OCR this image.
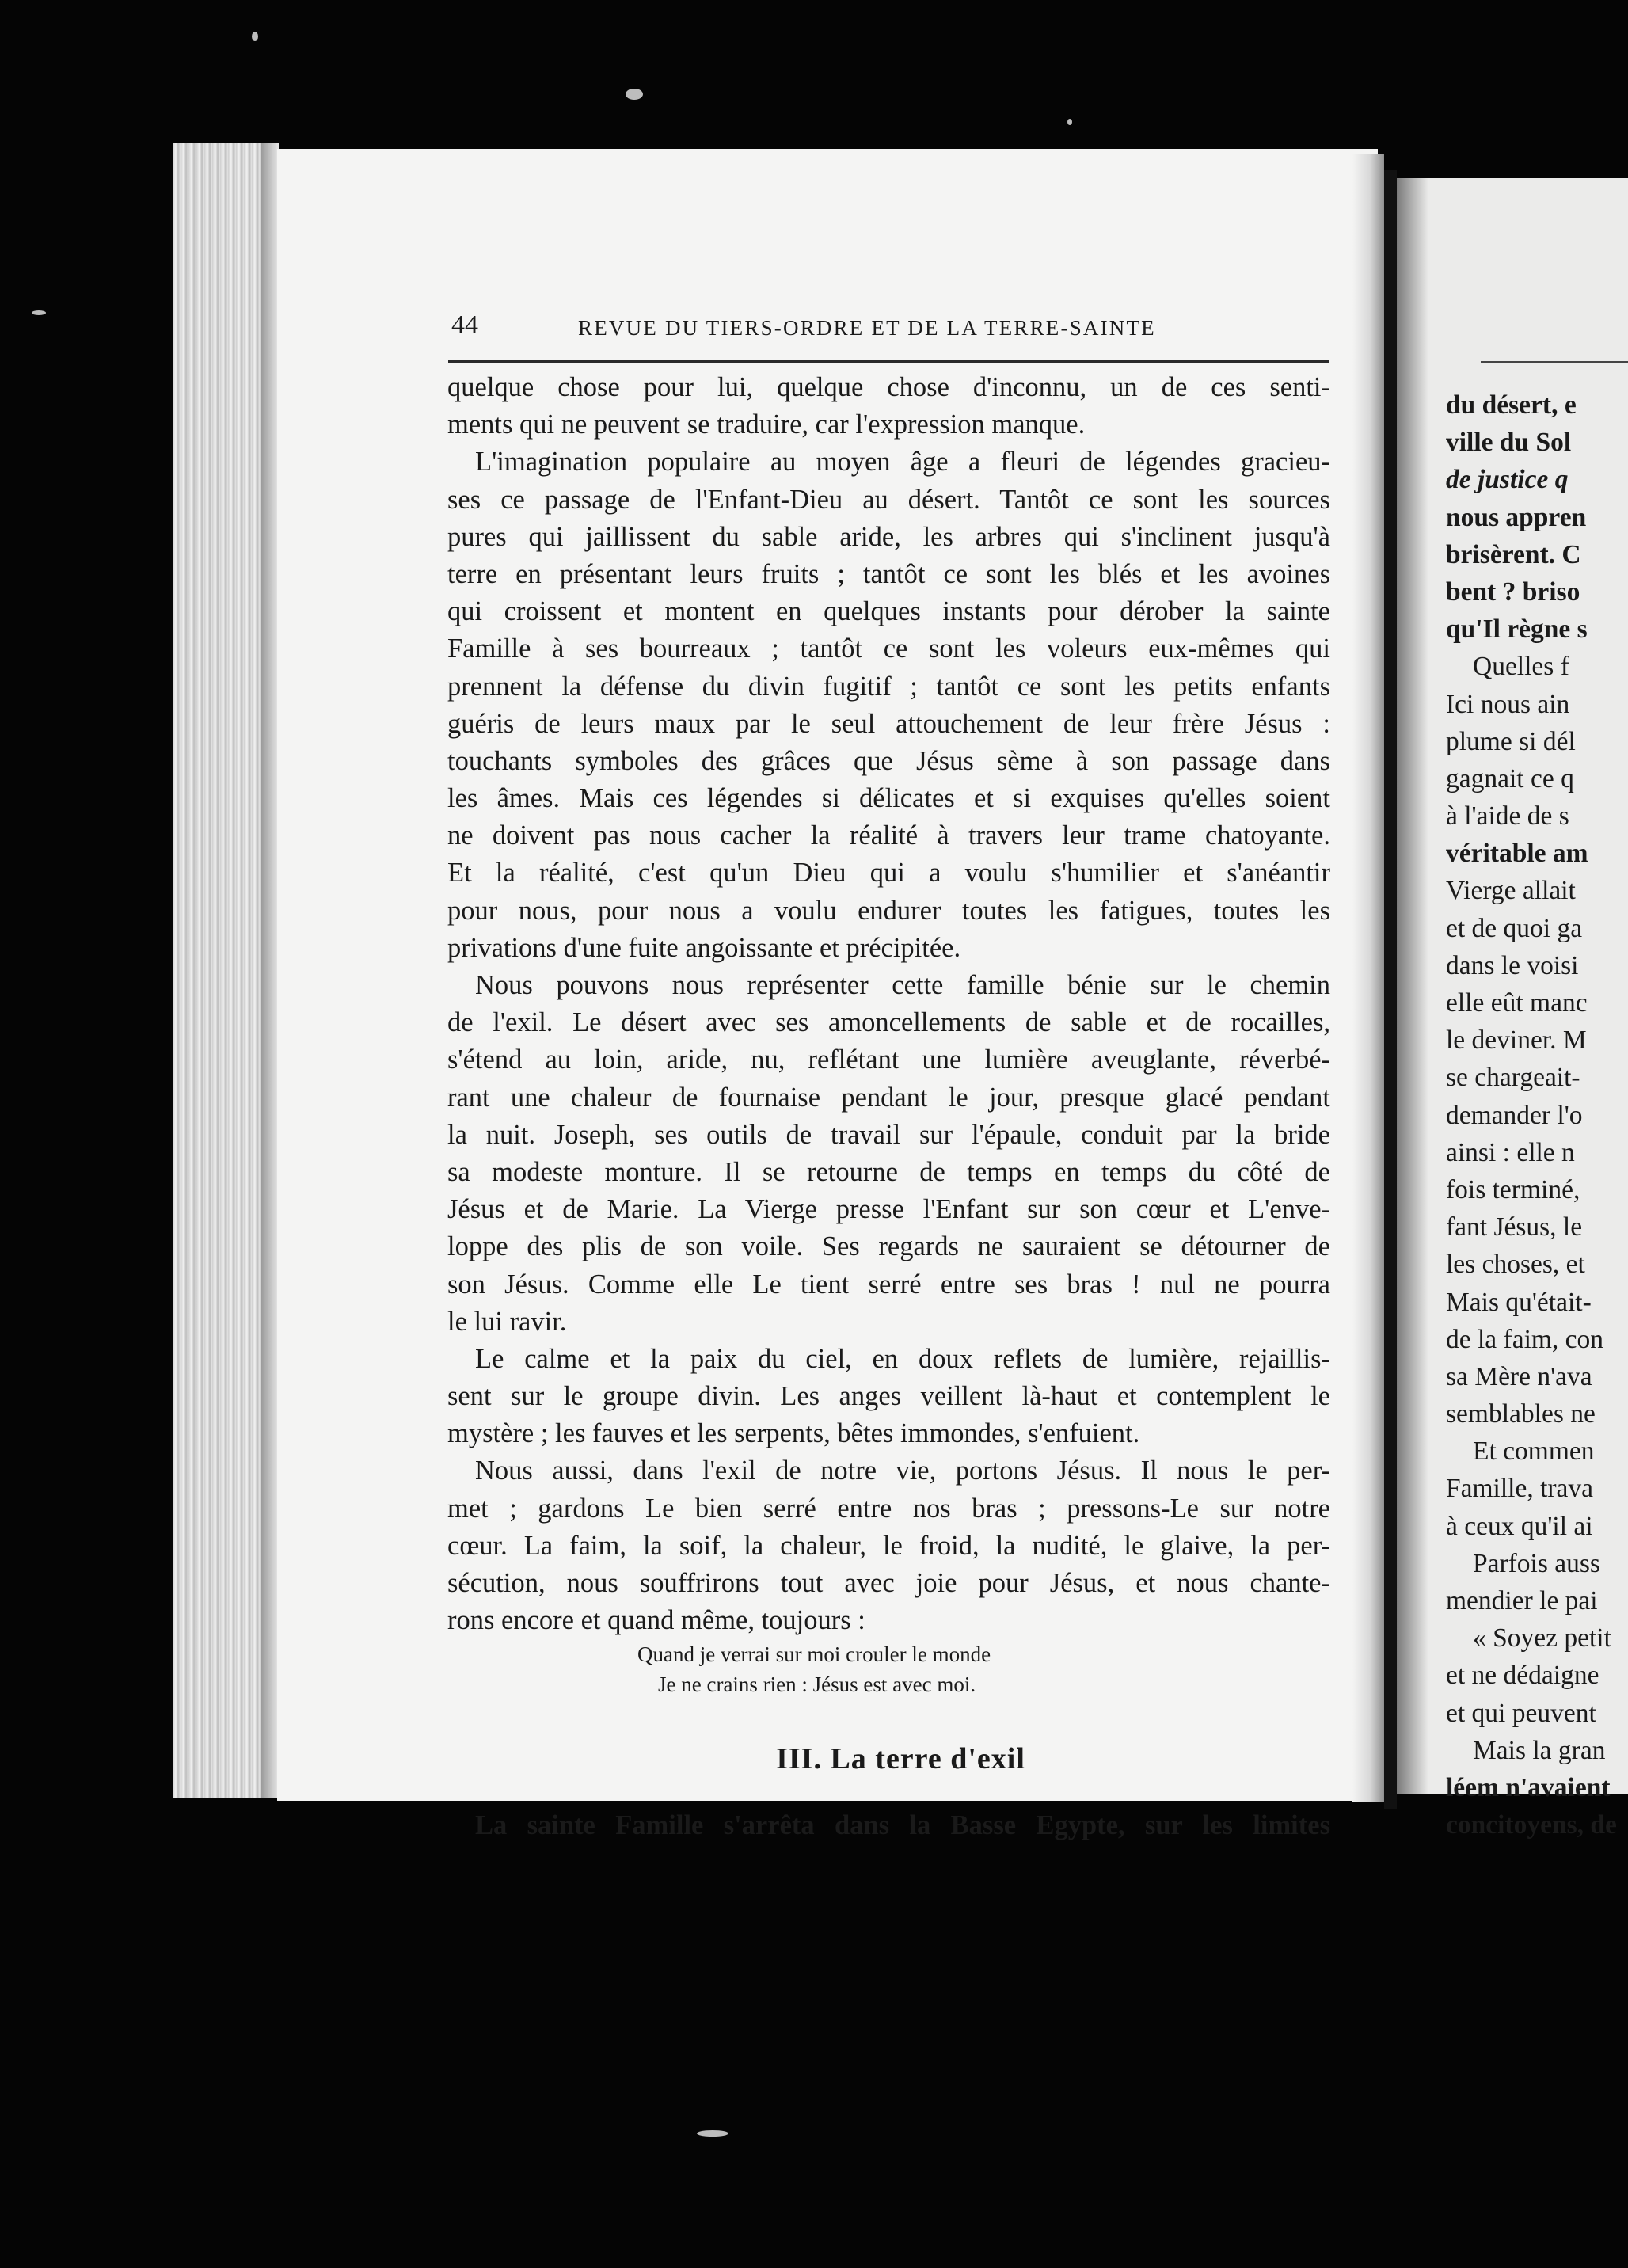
44	REVUE DU TIERS-ORDRE ET DE LA TERRE-SAINTE
quelque chose pour lui, quelque chose d'inconnu, un de ces senti-
ments qui ne peuvent se traduire, car l'expression manque.
L'imagination populaire au moyen âge a fleuri de légendes gracieu-
ses ce passage de l'Enfant-Dieu au désert. Tantôt ce sont les sources
pures qui jaillissent du sable aride, les arbres qui s'inclinent jusqu'à
terre en présentant leurs fruits ; tantôt ce sont les blés et les avoines
qui croissent et montent en quelques instants pour dérober la sainte
Famille à ses bourreaux ; tantôt ce sont les voleurs eux-mêmes qui
prennent la défense du divin fugitif ; tantôt ce sont les petits enfants
guéris de leurs maux par le seul attouchement de leur frère Jésus :
touchants symboles des grâces que Jésus sème à son passage dans
les âmes. Mais ces légendes si délicates et si exquises qu'elles soient
ne doivent pas nous cacher la réalité à travers leur trame chatoyante.
Et la réalité, c'est qu'un Dieu qui a voulu s'humilier et s'anéantir
pour nous, pour nous a voulu endurer toutes les fatigues, toutes les
privations d'une fuite angoissante et précipitée.
Nous pouvons nous représenter cette famille bénie sur le chemin
de l'exil. Le désert avec ses amoncellements de sable et de rocailles,
s'étend au loin, aride, nu, reflétant une lumière aveuglante, réverbé-
rant une chaleur de fournaise pendant le jour, presque glacé pendant
la nuit. Joseph, ses outils de travail sur l'épaule, conduit par la bride
sa modeste monture. Il se retourne de temps en temps du côté de
Jésus et de Marie. La Vierge presse l'Enfant sur son cœur et L'enve-
loppe des plis de son voile. Ses regards ne sauraient se détourner de
son Jésus. Comme elle Le tient serré entre ses bras ! nul ne pourra
le lui ravir.
Le calme et la paix du ciel, en doux reflets de lumière, rejaillis-
sent sur le groupe divin. Les anges veillent là-haut et contemplent le
mystère ; les fauves et les serpents, bêtes immondes, s'enfuient.
Nous aussi, dans l'exil de notre vie, portons Jésus. Il nous le per-
met ; gardons Le bien serré entre nos bras ; pressons-Le sur notre
cœur. La faim, la soif, la chaleur, le froid, la nudité, le glaive, la per-
sécution, nous souffrirons tout avec joie pour Jésus, et nous chante-
rons encore et quand même, toujours :
Quand je verrai sur moi crouler le monde
Je ne crains rien : Jésus est avec moi.
III. La terre d'exil
La sainte Famille s'arrêta dans la Basse Egypte, sur les limites
du désert, e
ville du Sol
de justice q
nous appren
brisèrent. C
bent ? briso
qu'Il règne s
Quelles f
Ici nous ain
plume si dél
gagnait ce q
à l'aide de s
véritable am
Vierge allait
et de quoi ga
dans le voisi
elle eût manc
le deviner. M
se chargeait-
demander l'o
ainsi : elle n
fois terminé,
fant Jésus, le
les choses, et
Mais qu'était-
de la faim, con
sa Mère n'ava
semblables ne
Et commen
Famille, trava
à ceux qu'il ai
Parfois auss
mendier le pai
« Soyez petit
et ne dédaigne
et qui peuvent
Mais la gran
léem n'avaient
concitoyens, de
